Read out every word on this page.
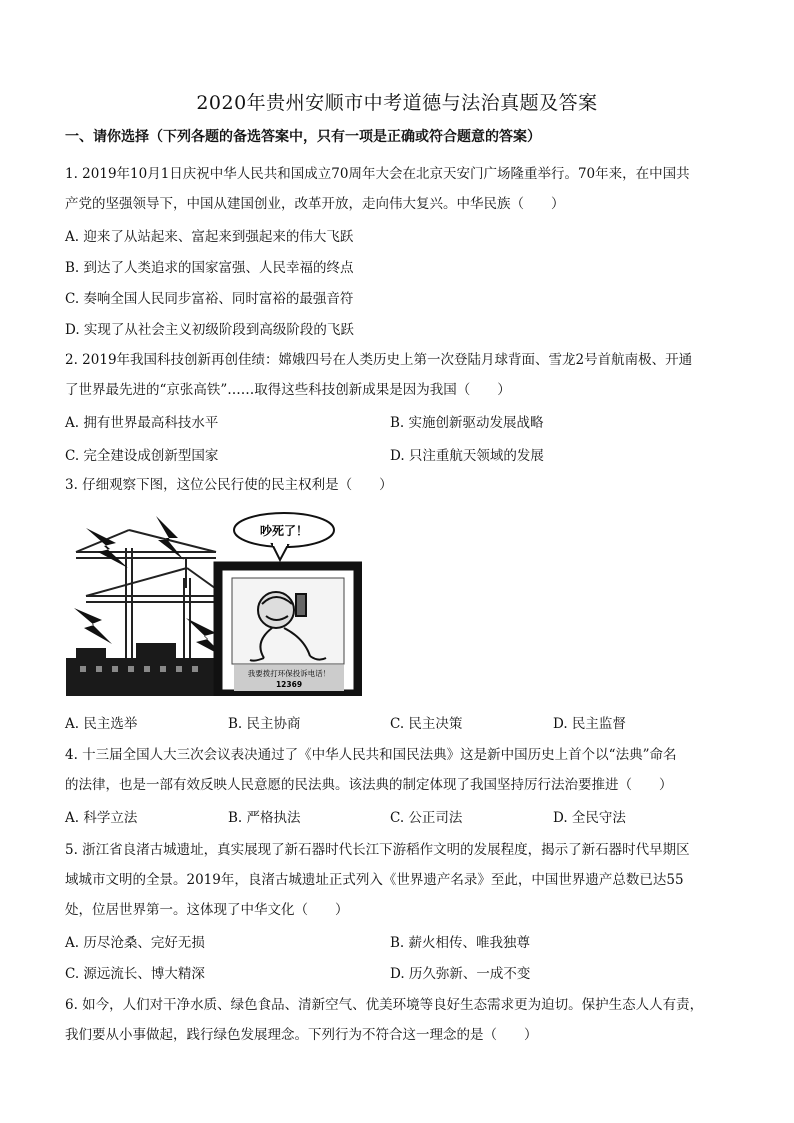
2020年贵州安顺市中考道德与法治真题及答案
一、请你选择（下列各题的备选答案中，只有一项是正确或符合题意的答案）
1. 2019年10月1日庆祝中华人民共和国成立70周年大会在北京天安门广场隆重举行。70年来，在中国共
产党的坚强领导下，中国从建国创业，改革开放，走向伟大复兴。中华民族（　　）
A. 迎来了从站起来、富起来到强起来的伟大飞跃
B. 到达了人类追求的国家富强、人民幸福的终点
C. 奏响全国人民同步富裕、同时富裕的最强音符
D. 实现了从社会主义初级阶段到高级阶段的飞跃
2. 2019年我国科技创新再创佳绩：嫦娥四号在人类历史上第一次登陆月球背面、雪龙2号首航南极、开通
了世界最先进的“京张高铁”……取得这些科技创新成果是因为我国（　　）
A. 拥有世界最高科技水平	B. 实施创新驱动发展战略
C. 完全建设成创新型国家	D. 只注重航天领域的发展
3. 仔细观察下图，这位公民行使的民主权利是（　　）
吵死了！
我要拨打环保投诉电话！
12369
A. 民主选举	B. 民主协商	C. 民主决策	D. 民主监督
4. 十三届全国人大三次会议表决通过了《中华人民共和国民法典》这是新中国历史上首个以“法典”命名
的法律，也是一部有效反映人民意愿的民法典。该法典的制定体现了我国坚持厉行法治要推进（　　）
A. 科学立法	B. 严格执法	C. 公正司法	D. 全民守法
5. 浙江省良渚古城遗址，真实展现了新石器时代长江下游稻作文明的发展程度，揭示了新石器时代早期区
域城市文明的全景。2019年，良渚古城遗址正式列入《世界遗产名录》至此，中国世界遗产总数已达55
处，位居世界第一。这体现了中华文化（　　）
A. 历尽沧桑、完好无损	B. 薪火相传、唯我独尊
C. 源远流长、博大精深	D. 历久弥新、一成不变
6. 如今，人们对干净水质、绿色食品、清新空气、优美环境等良好生态需求更为迫切。保护生态人人有责，
我们要从小事做起，践行绿色发展理念。下列行为不符合这一理念的是（　　）
